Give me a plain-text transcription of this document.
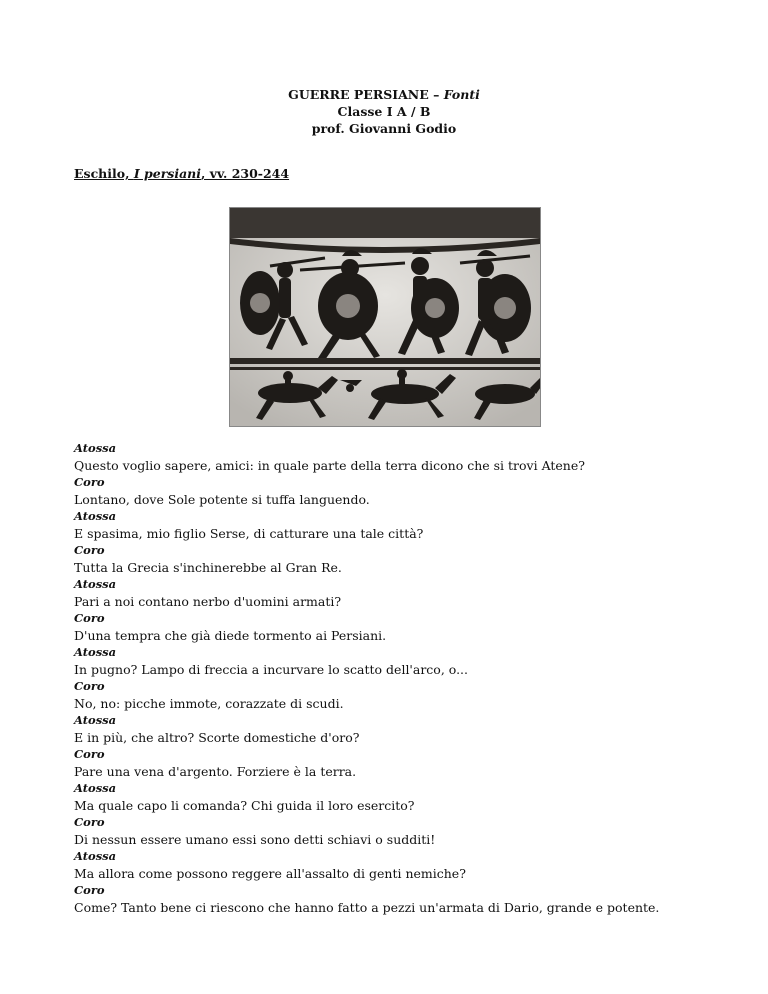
GUERRE PERSIANE – Fonti
Classe I A / B
prof. Giovanni Godio
Eschilo, I persiani, vv. 230-244
Atossa
Questo voglio sapere, amici: in quale parte della terra dicono che si trovi Atene?
Coro
Lontano, dove Sole potente si tuffa languendo.
Atossa
E spasima, mio figlio Serse, di catturare una tale città?
Coro
Tutta la Grecia s'inchinerebbe al Gran Re.
Atossa
Pari a noi contano nerbo d'uomini armati?
Coro
D'una tempra che già diede tormento ai Persiani.
Atossa
In pugno? Lampo di freccia a incurvare lo scatto dell'arco, o...
Coro
No, no: picche immote, corazzate di scudi.
Atossa
E in più, che altro? Scorte domestiche d'oro?
Coro
Pare una vena d'argento. Forziere è la terra.
Atossa
Ma quale capo li comanda? Chi guida il loro esercito?
Coro
Di nessun essere umano essi sono detti schiavi o sudditi!
Atossa
Ma allora come possono reggere all'assalto di genti nemiche?
Coro
Come? Tanto bene ci riescono che hanno fatto a pezzi un'armata di Dario, grande e potente.
